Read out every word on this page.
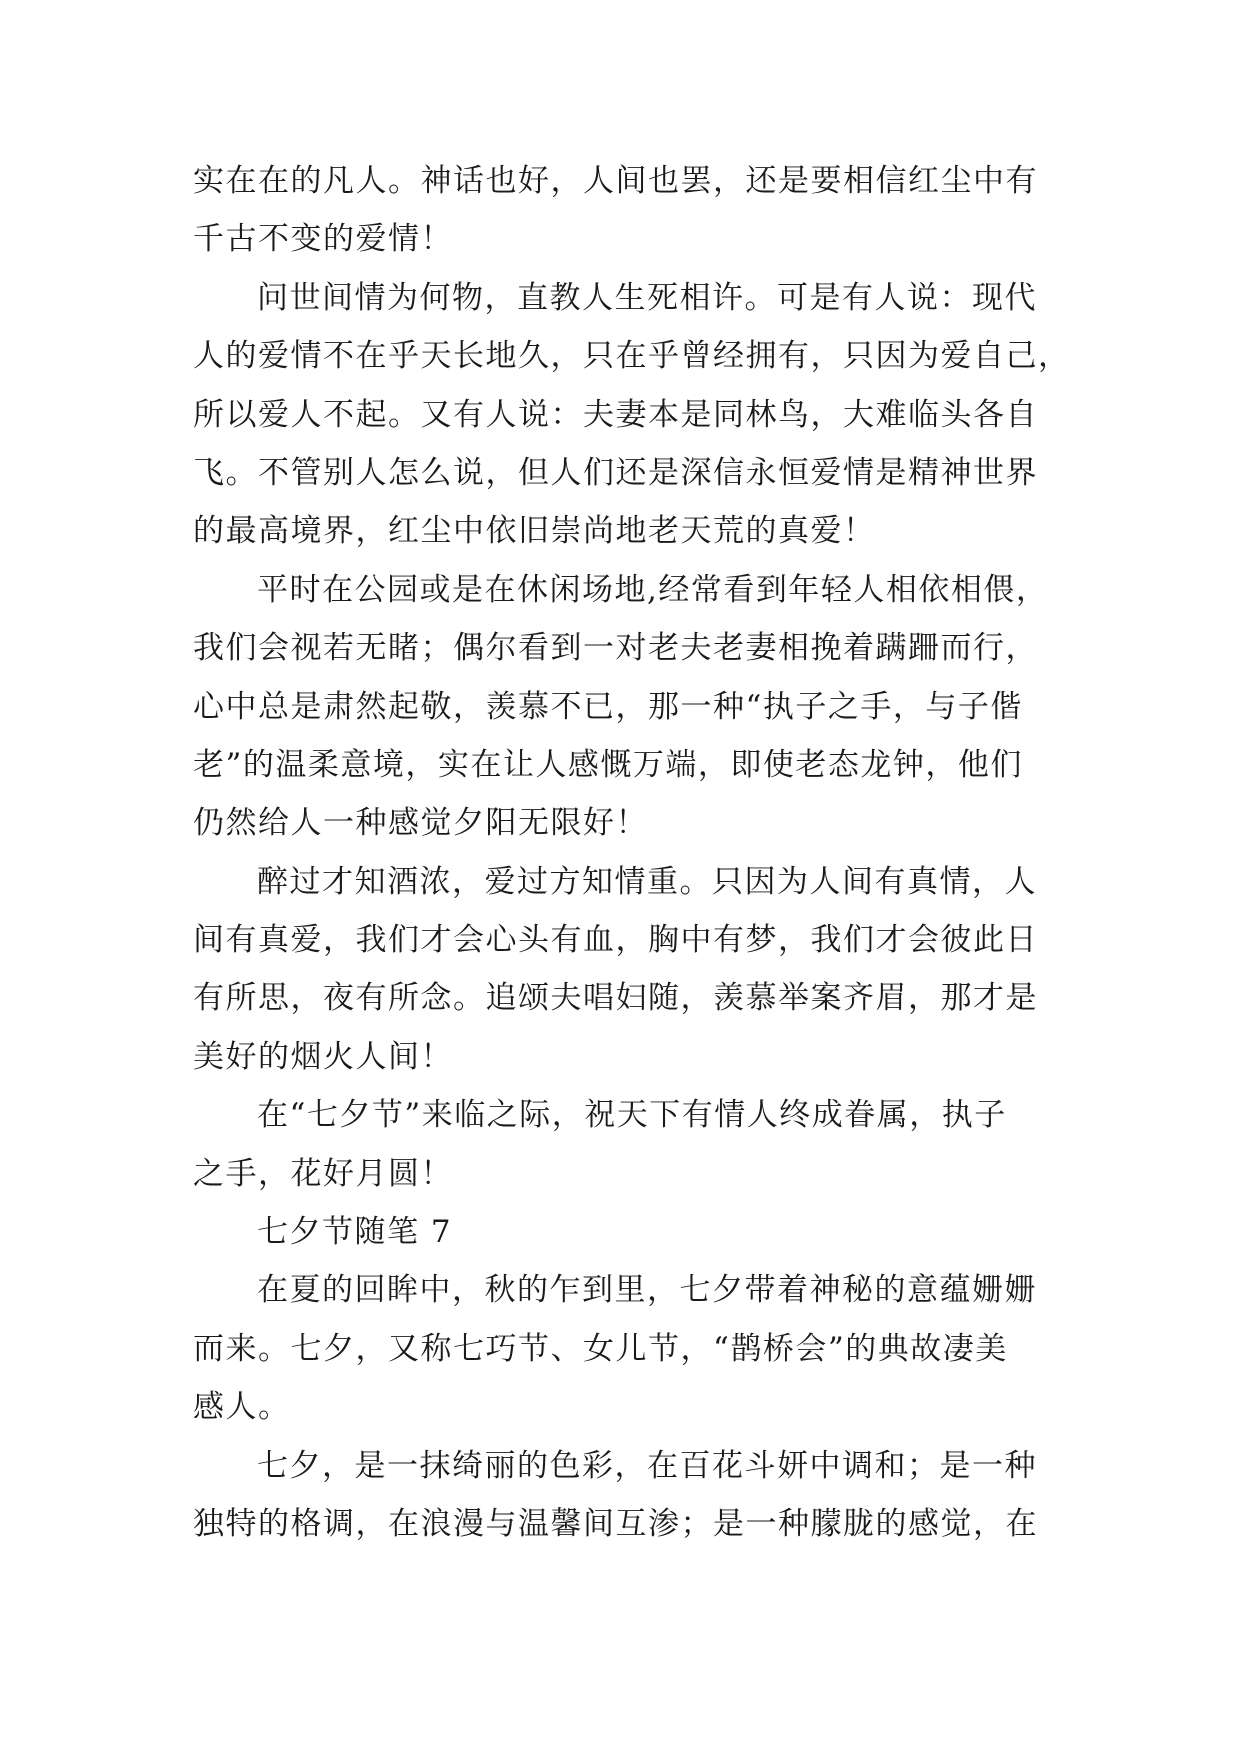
实在在的凡人。神话也好，人间也罢，还是要相信红尘中有
千古不变的爱情！
问世间情为何物，直教人生死相许。可是有人说：现代
人的爱情不在乎天长地久，只在乎曾经拥有，只因为爱自己，
所以爱人不起。又有人说：夫妻本是同林鸟，大难临头各自
飞。不管别人怎么说，但人们还是深信永恒爱情是精神世界
的最高境界，红尘中依旧崇尚地老天荒的真爱！
平时在公园或是在休闲场地,经常看到年轻人相依相偎，
我们会视若无睹；偶尔看到一对老夫老妻相挽着蹒跚而行，
心中总是肃然起敬，羡慕不已，那一种“执子之手，与子偕
老”的温柔意境，实在让人感慨万端，即使老态龙钟，他们
仍然给人一种感觉夕阳无限好！
醉过才知酒浓，爱过方知情重。只因为人间有真情，人
间有真爱，我们才会心头有血，胸中有梦，我们才会彼此日
有所思，夜有所念。追颂夫唱妇随，羡慕举案齐眉，那才是
美好的烟火人间！
在“七夕节”来临之际，祝天下有情人终成眷属，执子
之手，花好月圆！
七夕节随笔 7
在夏的回眸中，秋的乍到里，七夕带着神秘的意蕴姗姗
而来。七夕，又称七巧节、女儿节，“鹊桥会”的典故凄美
感人。
七夕，是一抹绮丽的色彩，在百花斗妍中调和；是一种
独特的格调，在浪漫与温馨间互渗；是一种朦胧的感觉，在
